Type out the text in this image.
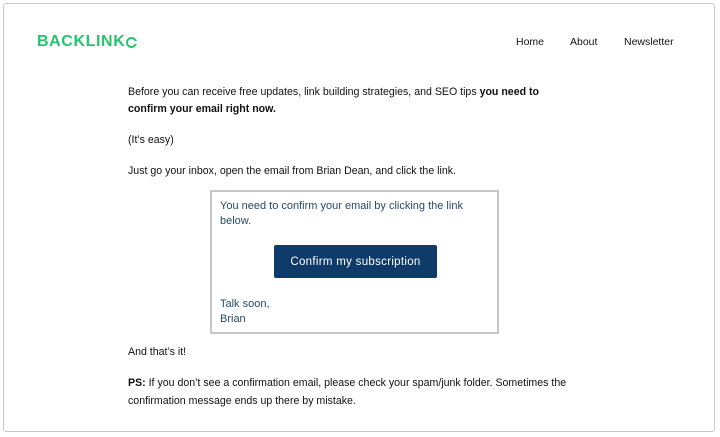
BACKLINK	Home About	Newsletter

Before you can receive free updates, link building strategies, and SEO tips you need to confirm your email right now.

(It’s easy)

Just go your inbox, open the email from Brian Dean, and click the link.

You need to confirm your email by clicking the link below.
Confirm my subscription
Talk soon,
Brian

And that’s it!

PS: If you don’t see a confirmation email, please check your spam/junk folder. Sometimes the confirmation message ends up there by mistake.
